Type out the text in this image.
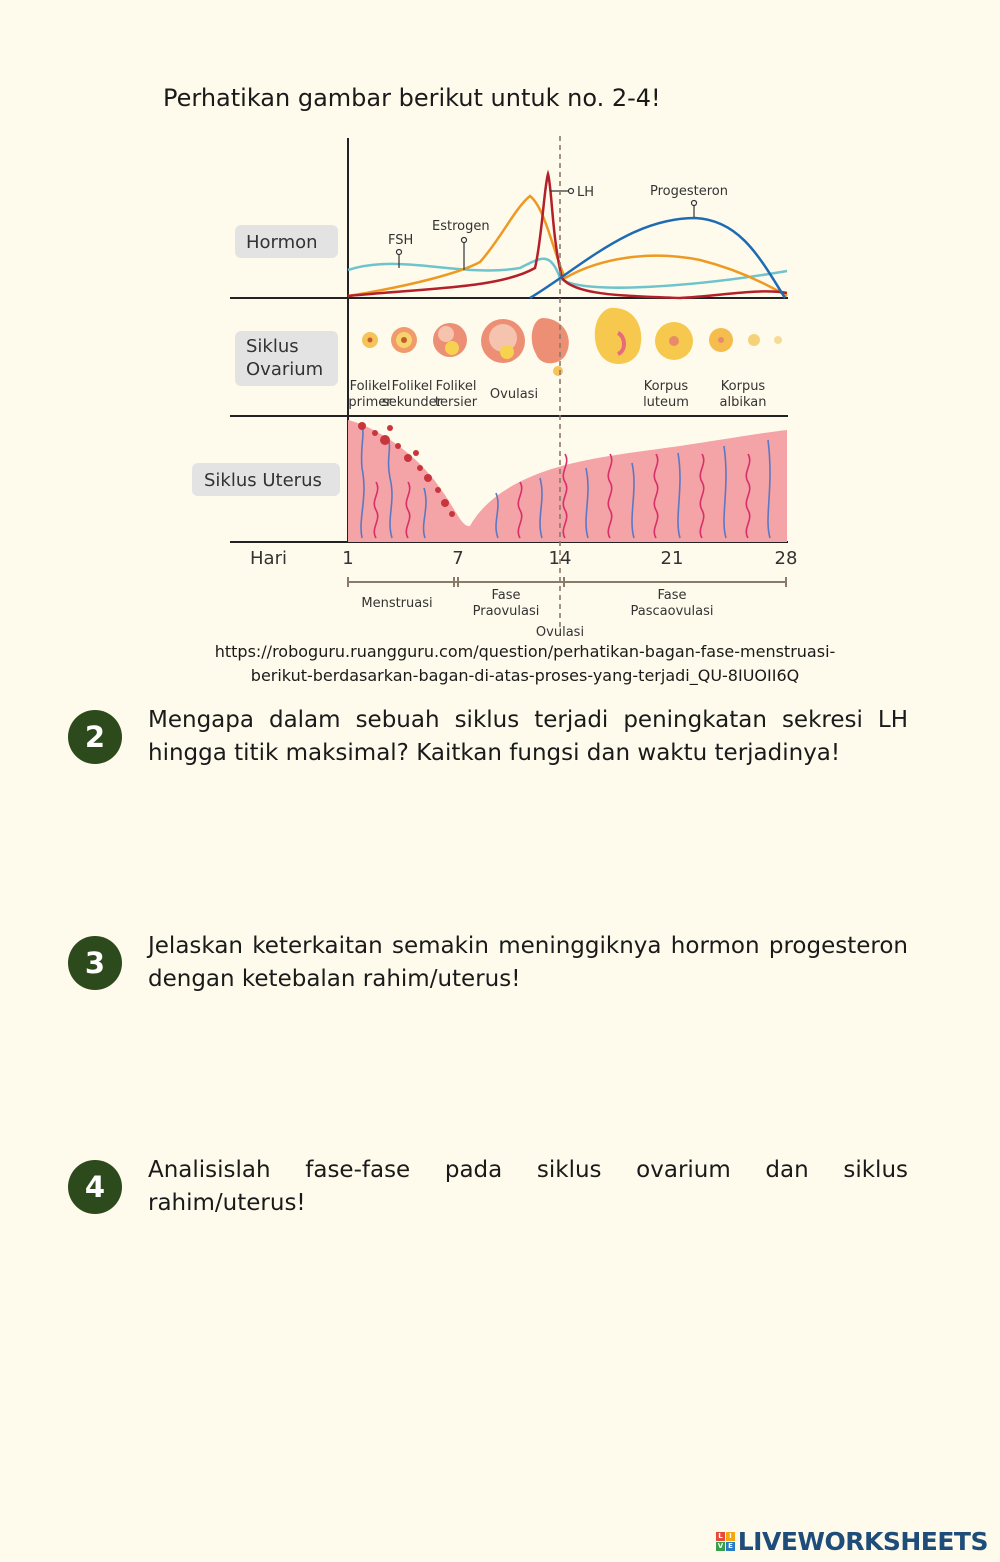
Perhatikan gambar berikut untuk no. 2-4!
Hormon
Siklus
Ovarium
Siklus Uterus
FSH
Estrogen
LH	Progesteron
Folikel
primer
Folikel
sekunder
Folikel
tersier
Ovulasi
Korpus
luteum
Korpus
albikan
Hari	1	7	14	21	28
Menstruasi
Fase
Praovulasi
Fase
Pascaovulasi
Ovulasi
https://roboguru.ruangguru.com/question/perhatikan-bagan-fase-menstruasi-
berikut-berdasarkan-bagan-di-atas-proses-yang-terjadi_QU-8IUOII6Q
2	Mengapa dalam sebuah siklus terjadi peningkatan sekresi LH hingga titik maksimal? Kaitkan fungsi dan waktu terjadinya!
3	Jelaskan keterkaitan semakin meninggiknya hormon progesteron dengan ketebalan rahim/uterus!
4	Analisislah fase-fase pada siklus ovarium dan siklus rahim/uterus!
L I
V E LIVEWORKSHEETS
